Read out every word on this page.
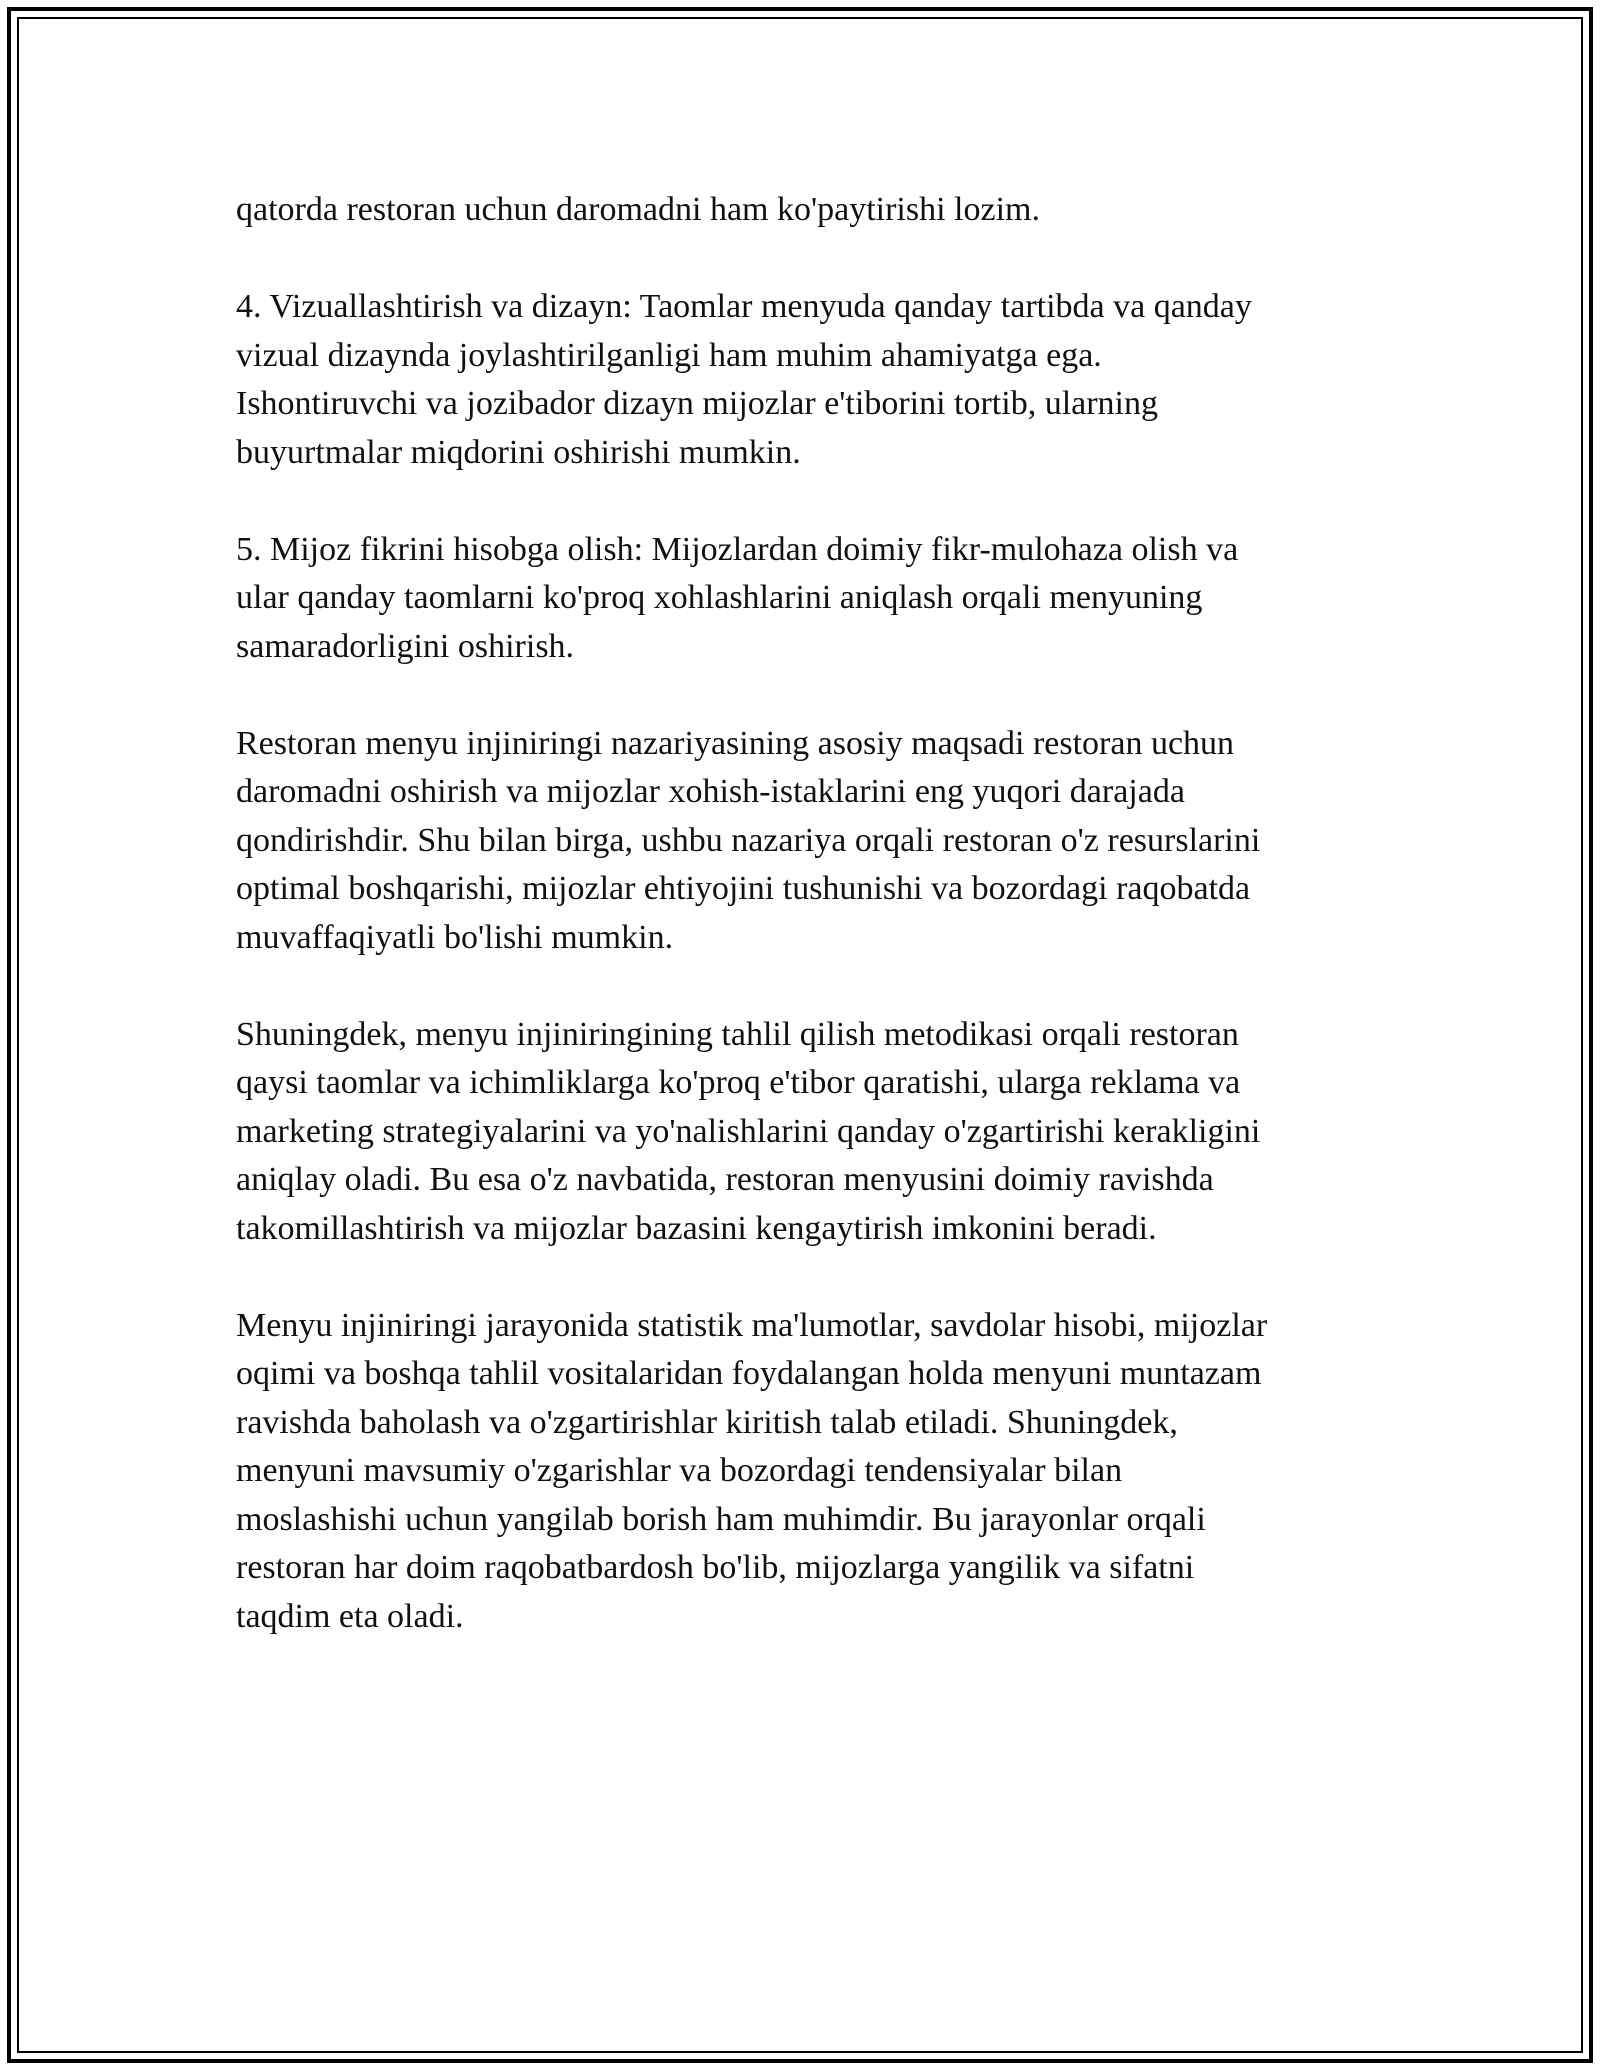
qatorda restoran uchun daromadni ham ko'paytirishi lozim.

4. Vizuallashtirish va dizayn: Taomlar menyuda qanday tartibda va qanday
vizual dizaynda joylashtirilganligi ham muhim ahamiyatga ega.
Ishontiruvchi va jozibador dizayn mijozlar e'tiborini tortib, ularning
buyurtmalar miqdorini oshirishi mumkin.

5. Mijoz fikrini hisobga olish: Mijozlardan doimiy fikr-mulohaza olish va
ular qanday taomlarni ko'proq xohlashlarini aniqlash orqali menyuning
samaradorligini oshirish.

Restoran menyu injiniringi nazariyasining asosiy maqsadi restoran uchun
daromadni oshirish va mijozlar xohish-istaklarini eng yuqori darajada
qondirishdir. Shu bilan birga, ushbu nazariya orqali restoran o'z resurslarini
optimal boshqarishi, mijozlar ehtiyojini tushunishi va bozordagi raqobatda
muvaffaqiyatli bo'lishi mumkin.

Shuningdek, menyu injiniringining tahlil qilish metodikasi orqali restoran
qaysi taomlar va ichimliklarga ko'proq e'tibor qaratishi, ularga reklama va
marketing strategiyalarini va yo'nalishlarini qanday o'zgartirishi kerakligini
aniqlay oladi. Bu esa o'z navbatida, restoran menyusini doimiy ravishda
takomillashtirish va mijozlar bazasini kengaytirish imkonini beradi.

Menyu injiniringi jarayonida statistik ma'lumotlar, savdolar hisobi, mijozlar
oqimi va boshqa tahlil vositalaridan foydalangan holda menyuni muntazam
ravishda baholash va o'zgartirishlar kiritish talab etiladi. Shuningdek,
menyuni mavsumiy o'zgarishlar va bozordagi tendensiyalar bilan
moslashishi uchun yangilab borish ham muhimdir. Bu jarayonlar orqali
restoran har doim raqobatbardosh bo'lib, mijozlarga yangilik va sifatni
taqdim eta oladi.
